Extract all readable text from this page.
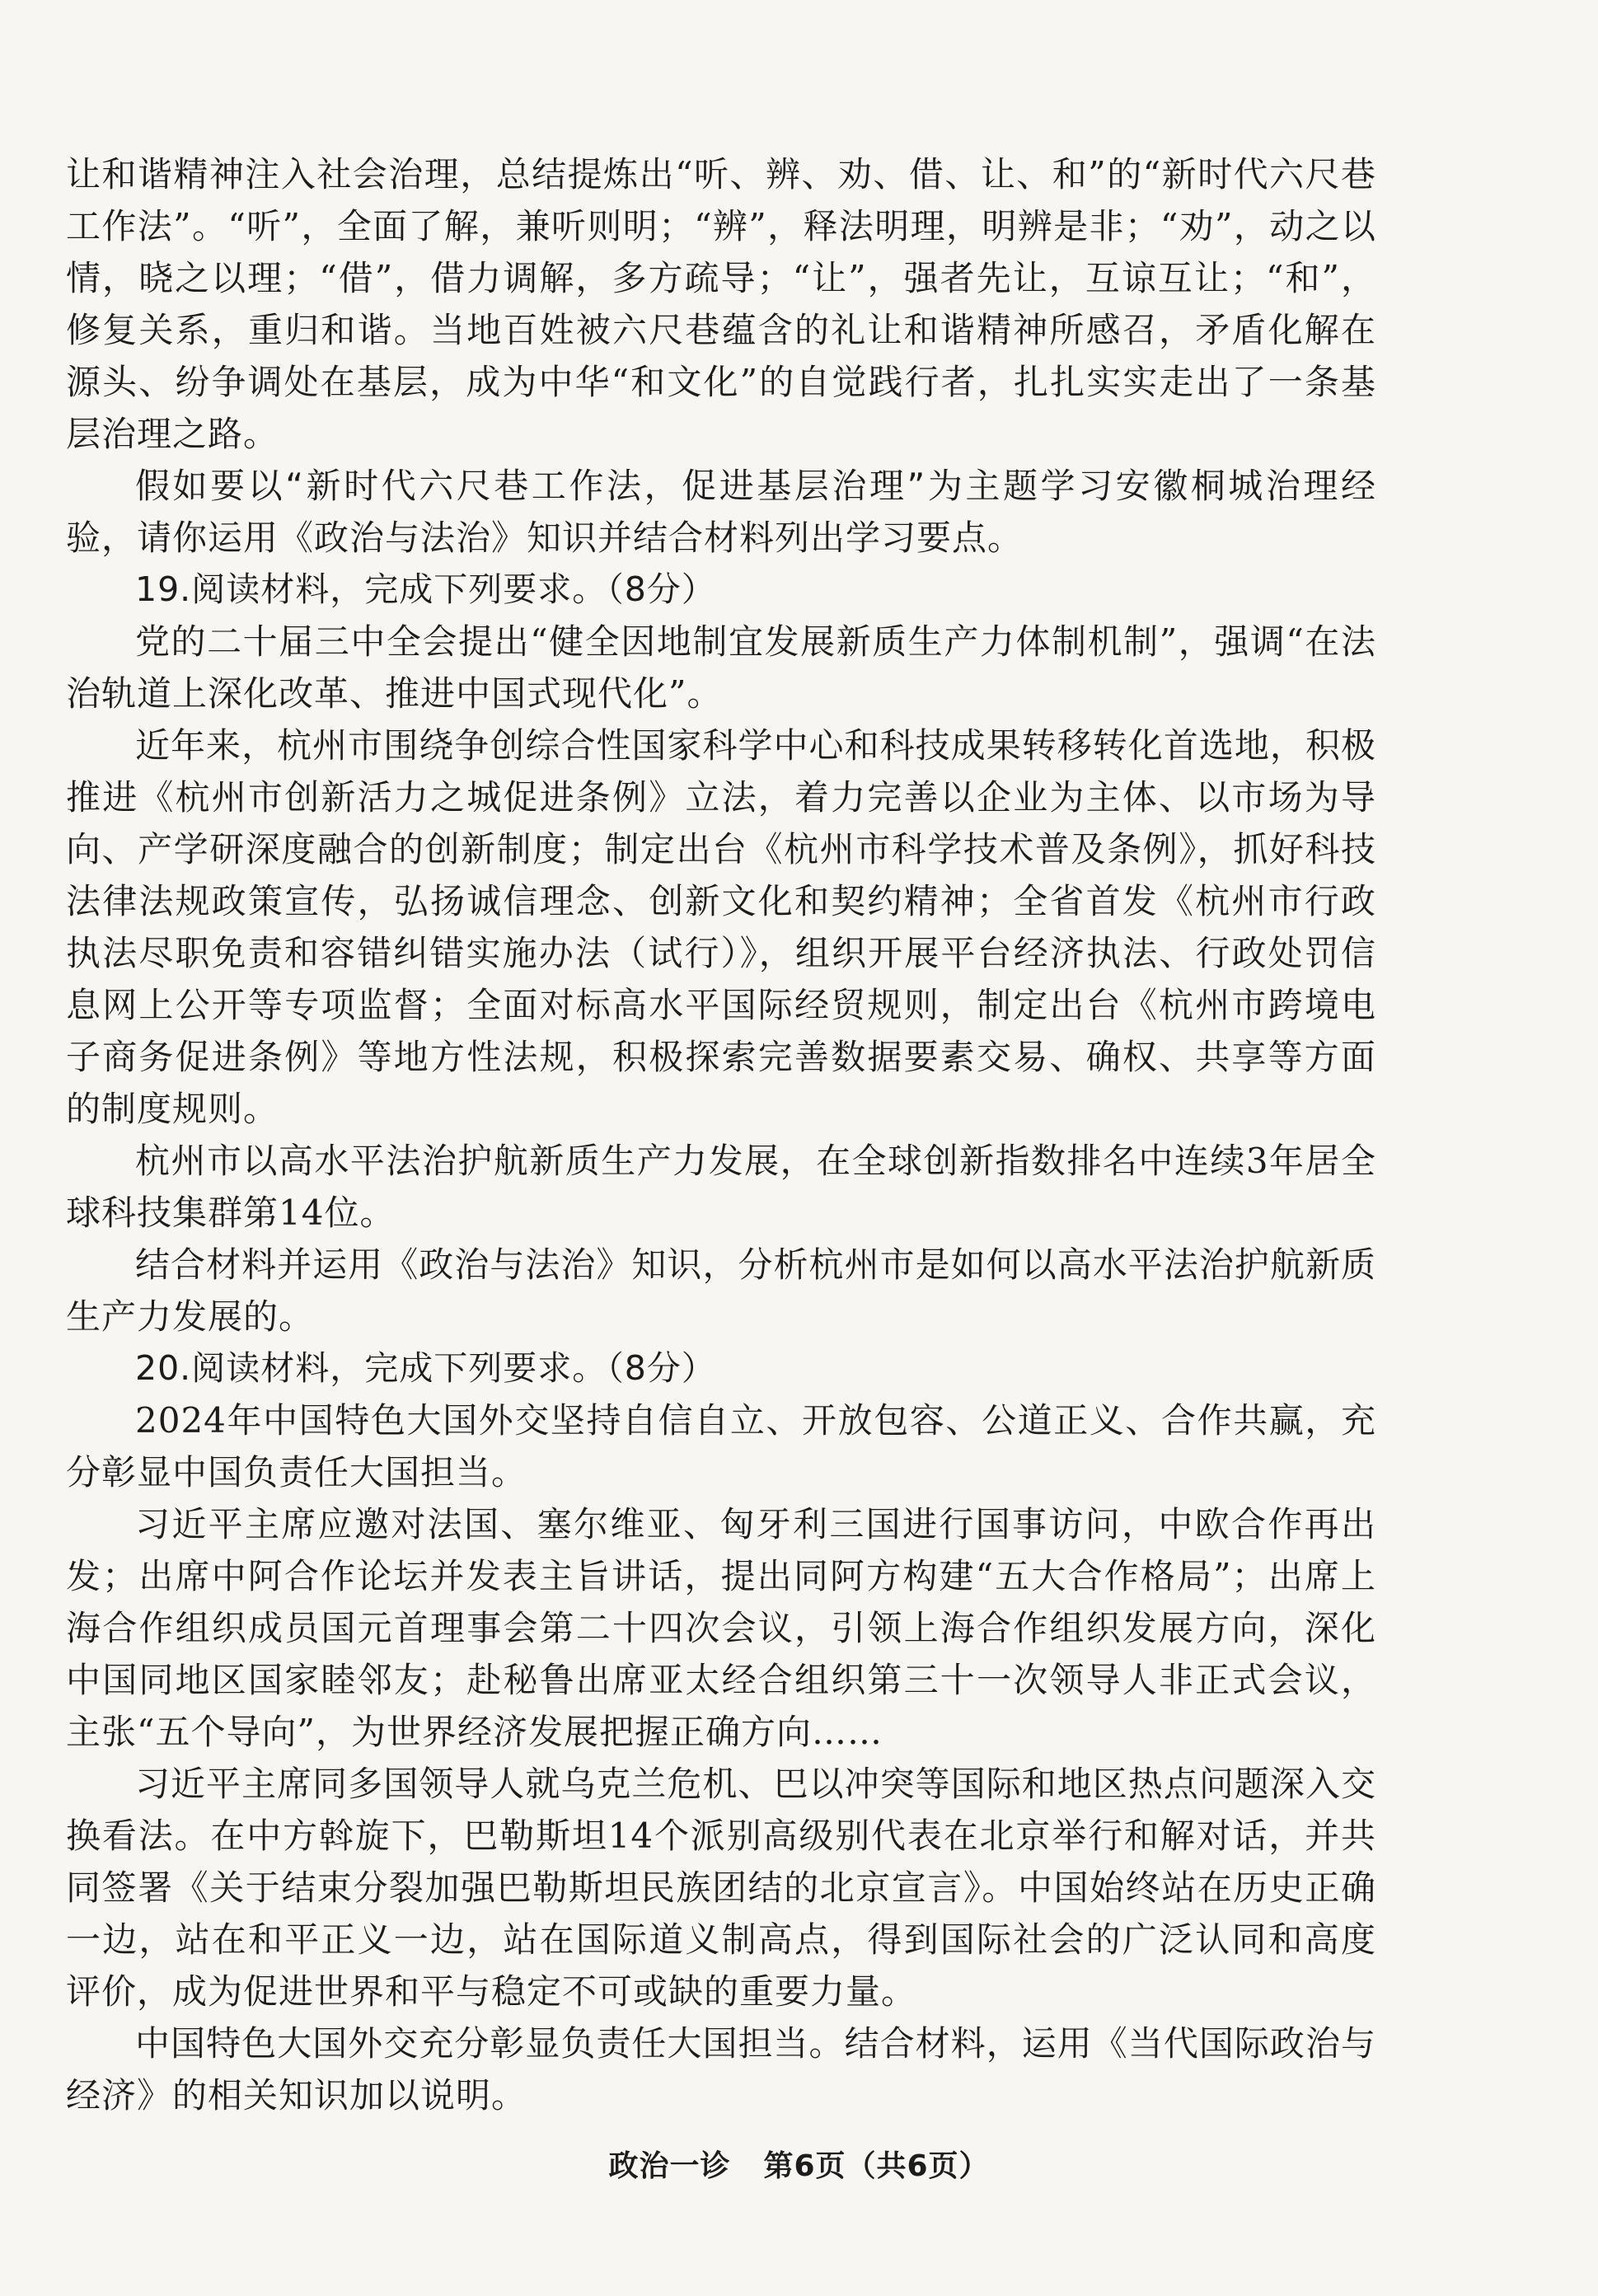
让和谐精神注入社会治理，总结提炼出“听、辨、劝、借、让、和”的“新时代六尺巷工作法”。“听”，全面了解，兼听则明；“辨”，释法明理，明辨是非；“劝”，动之以情，晓之以理；“借”，借力调解，多方疏导；“让”，强者先让，互谅互让；“和”，修复关系，重归和谐。当地百姓被六尺巷蕴含的礼让和谐精神所感召，矛盾化解在源头、纷争调处在基层，成为中华“和文化”的自觉践行者，扎扎实实走出了一条基层治理之路。

假如要以“新时代六尺巷工作法，促进基层治理”为主题学习安徽桐城治理经验，请你运用《政治与法治》知识并结合材料列出学习要点。

19.阅读材料，完成下列要求。（8分）

党的二十届三中全会提出“健全因地制宜发展新质生产力体制机制”，强调“在法治轨道上深化改革、推进中国式现代化”。

近年来，杭州市围绕争创综合性国家科学中心和科技成果转移转化首选地，积极推进《杭州市创新活力之城促进条例》立法，着力完善以企业为主体、以市场为导向、产学研深度融合的创新制度；制定出台《杭州市科学技术普及条例》，抓好科技法律法规政策宣传，弘扬诚信理念、创新文化和契约精神；全省首发《杭州市行政执法尽职免责和容错纠错实施办法（试行）》，组织开展平台经济执法、行政处罚信息网上公开等专项监督；全面对标高水平国际经贸规则，制定出台《杭州市跨境电子商务促进条例》等地方性法规，积极探索完善数据要素交易、确权、共享等方面的制度规则。

杭州市以高水平法治护航新质生产力发展，在全球创新指数排名中连续3年居全球科技集群第14位。

结合材料并运用《政治与法治》知识，分析杭州市是如何以高水平法治护航新质生产力发展的。

20.阅读材料，完成下列要求。（8分）

2024年中国特色大国外交坚持自信自立、开放包容、公道正义、合作共赢，充分彰显中国负责任大国担当。

习近平主席应邀对法国、塞尔维亚、匈牙利三国进行国事访问，中欧合作再出发；出席中阿合作论坛并发表主旨讲话，提出同阿方构建“五大合作格局”；出席上海合作组织成员国元首理事会第二十四次会议，引领上海合作组织发展方向，深化中国同地区国家睦邻友；赴秘鲁出席亚太经合组织第三十一次领导人非正式会议，主张“五个导向”，为世界经济发展把握正确方向……

习近平主席同多国领导人就乌克兰危机、巴以冲突等国际和地区热点问题深入交换看法。在中方斡旋下，巴勒斯坦14个派别高级别代表在北京举行和解对话，并共同签署《关于结束分裂加强巴勒斯坦民族团结的北京宣言》。中国始终站在历史正确一边，站在和平正义一边，站在国际道义制高点，得到国际社会的广泛认同和高度评价，成为促进世界和平与稳定不可或缺的重要力量。

中国特色大国外交充分彰显负责任大国担当。结合材料，运用《当代国际政治与经济》的相关知识加以说明。

政治一诊 第6页（共6页）
